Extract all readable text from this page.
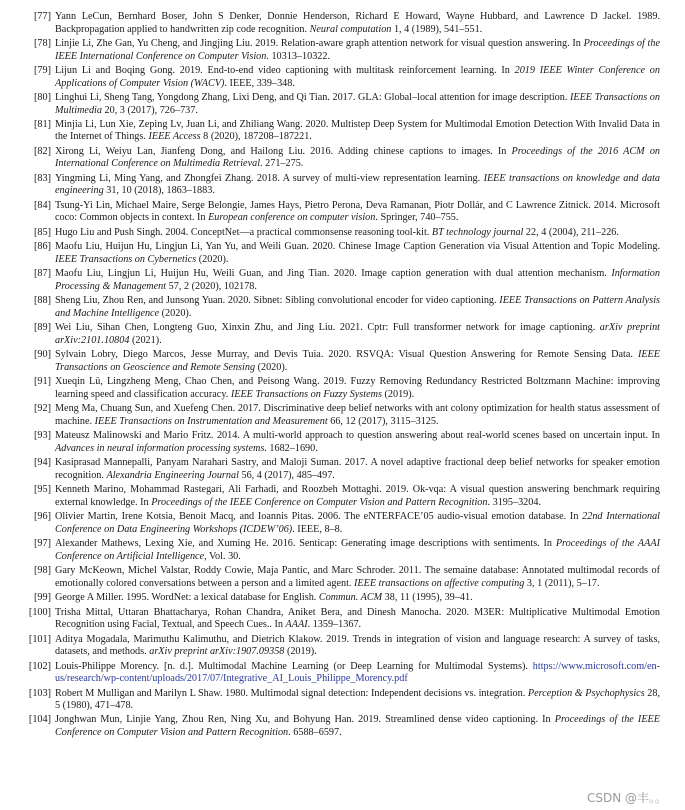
[77] Yann LeCun, Bernhard Boser, John S Denker, Donnie Henderson, Richard E Howard, Wayne Hubbard, and Lawrence D Jackel. 1989. Backpropagation applied to handwritten zip code recognition. Neural computation 1, 4 (1989), 541–551.
[78] Linjie Li, Zhe Gan, Yu Cheng, and Jingjing Liu. 2019. Relation-aware graph attention network for visual question answering. In Proceedings of the IEEE International Conference on Computer Vision. 10313–10322.
[79] Lijun Li and Boqing Gong. 2019. End-to-end video captioning with multitask reinforcement learning. In 2019 IEEE Winter Conference on Applications of Computer Vision (WACV). IEEE, 339–348.
[80] Linghui Li, Sheng Tang, Yongdong Zhang, Lixi Deng, and Qi Tian. 2017. GLA: Global–local attention for image description. IEEE Transactions on Multimedia 20, 3 (2017), 726–737.
[81] Minjia Li, Lun Xie, Zeping Lv, Juan Li, and Zhiliang Wang. 2020. Multistep Deep System for Multimodal Emotion Detection With Invalid Data in the Internet of Things. IEEE Access 8 (2020), 187208–187221.
[82] Xirong Li, Weiyu Lan, Jianfeng Dong, and Hailong Liu. 2016. Adding chinese captions to images. In Proceedings of the 2016 ACM on International Conference on Multimedia Retrieval. 271–275.
[83] Yingming Li, Ming Yang, and Zhongfei Zhang. 2018. A survey of multi-view representation learning. IEEE transactions on knowledge and data engineering 31, 10 (2018), 1863–1883.
[84] Tsung-Yi Lin, Michael Maire, Serge Belongie, James Hays, Pietro Perona, Deva Ramanan, Piotr Dollár, and C Lawrence Zitnick. 2014. Microsoft coco: Common objects in context. In European conference on computer vision. Springer, 740–755.
[85] Hugo Liu and Push Singh. 2004. ConceptNet—a practical commonsense reasoning tool-kit. BT technology journal 22, 4 (2004), 211–226.
[86] Maofu Liu, Huijun Hu, Lingjun Li, Yan Yu, and Weili Guan. 2020. Chinese Image Caption Generation via Visual Attention and Topic Modeling. IEEE Transactions on Cybernetics (2020).
[87] Maofu Liu, Lingjun Li, Huijun Hu, Weili Guan, and Jing Tian. 2020. Image caption generation with dual attention mechanism. Information Processing & Management 57, 2 (2020), 102178.
[88] Sheng Liu, Zhou Ren, and Junsong Yuan. 2020. Sibnet: Sibling convolutional encoder for video captioning. IEEE Transactions on Pattern Analysis and Machine Intelligence (2020).
[89] Wei Liu, Sihan Chen, Longteng Guo, Xinxin Zhu, and Jing Liu. 2021. Cptr: Full transformer network for image captioning. arXiv preprint arXiv:2101.10804 (2021).
[90] Sylvain Lobry, Diego Marcos, Jesse Murray, and Devis Tuia. 2020. RSVQA: Visual Question Answering for Remote Sensing Data. IEEE Transactions on Geoscience and Remote Sensing (2020).
[91] Xueqin Lü, Lingzheng Meng, Chao Chen, and Peisong Wang. 2019. Fuzzy Removing Redundancy Restricted Boltzmann Machine: improving learning speed and classification accuracy. IEEE Transactions on Fuzzy Systems (2019).
[92] Meng Ma, Chuang Sun, and Xuefeng Chen. 2017. Discriminative deep belief networks with ant colony optimization for health status assessment of machine. IEEE Transactions on Instrumentation and Measurement 66, 12 (2017), 3115–3125.
[93] Mateusz Malinowski and Mario Fritz. 2014. A multi-world approach to question answering about real-world scenes based on uncertain input. In Advances in neural information processing systems. 1682–1690.
[94] Kasiprasad Mannepalli, Panyam Narahari Sastry, and Maloji Suman. 2017. A novel adaptive fractional deep belief networks for speaker emotion recognition. Alexandria Engineering Journal 56, 4 (2017), 485–497.
[95] Kenneth Marino, Mohammad Rastegari, Ali Farhadi, and Roozbeh Mottaghi. 2019. Ok-vqa: A visual question answering benchmark requiring external knowledge. In Proceedings of the IEEE Conference on Computer Vision and Pattern Recognition. 3195–3204.
[96] Olivier Martin, Irene Kotsia, Benoit Macq, and Ioannis Pitas. 2006. The eNTERFACE’05 audio-visual emotion database. In 22nd International Conference on Data Engineering Workshops (ICDEW’06). IEEE, 8–8.
[97] Alexander Mathews, Lexing Xie, and Xuming He. 2016. Senticap: Generating image descriptions with sentiments. In Proceedings of the AAAI Conference on Artificial Intelligence, Vol. 30.
[98] Gary McKeown, Michel Valstar, Roddy Cowie, Maja Pantic, and Marc Schroder. 2011. The semaine database: Annotated multimodal records of emotionally colored conversations between a person and a limited agent. IEEE transactions on affective computing 3, 1 (2011), 5–17.
[99] George A Miller. 1995. WordNet: a lexical database for English. Commun. ACM 38, 11 (1995), 39–41.
[100] Trisha Mittal, Uttaran Bhattacharya, Rohan Chandra, Aniket Bera, and Dinesh Manocha. 2020. M3ER: Multiplicative Multimodal Emotion Recognition using Facial, Textual, and Speech Cues.. In AAAI. 1359–1367.
[101] Aditya Mogadala, Marimuthu Kalimuthu, and Dietrich Klakow. 2019. Trends in integration of vision and language research: A survey of tasks, datasets, and methods. arXiv preprint arXiv:1907.09358 (2019).
[102] Louis-Philippe Morency. [n. d.]. Multimodal Machine Learning (or Deep Learning for Multimodal Systems). https://www.microsoft.com/en-us/research/wp-content/uploads/2017/07/Integrative_AI_Louis_Philippe_Morency.pdf
[103] Robert M Mulligan and Marilyn L Shaw. 1980. Multimodal signal detection: Independent decisions vs. integration. Perception & Psychophysics 28, 5 (1980), 471–478.
[104] Jonghwan Mun, Linjie Yang, Zhou Ren, Ning Xu, and Bohyung Han. 2019. Streamlined dense video captioning. In Proceedings of the IEEE Conference on Computer Vision and Pattern Recognition. 6588–6597.
CSDN @丰。。
